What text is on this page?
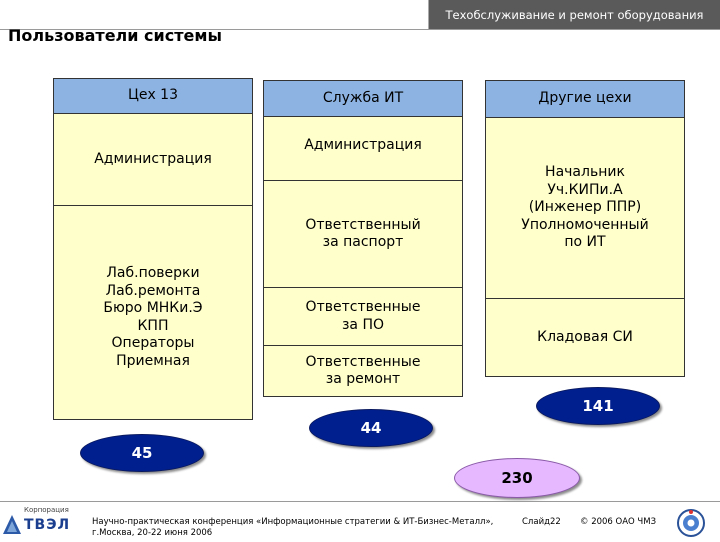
Техобслуживание и ремонт оборудования
Пользователи системы
Цех 13
Администрация
Лаб.поверки
Лаб.ремонта
Бюро МНКи.Э
КПП
Операторы
Приемная
Служба ИТ
Администрация
Ответственный
за паспорт
Ответственные
за ПО
Ответственные
за ремонт
Другие цехи
Начальник
Уч.КИПи.А
(Инженер ППР)
Уполномоченный
по ИТ
Кладовая СИ
45
44
141
230
Корпорация
ТВЭЛ	Научно-практическая конференция «Информационные стратегии & ИТ-Бизнес-Металл»,
г.Москва, 20-22 июня 2006
Слайд22 © 2006 ОАО ЧМЗ
